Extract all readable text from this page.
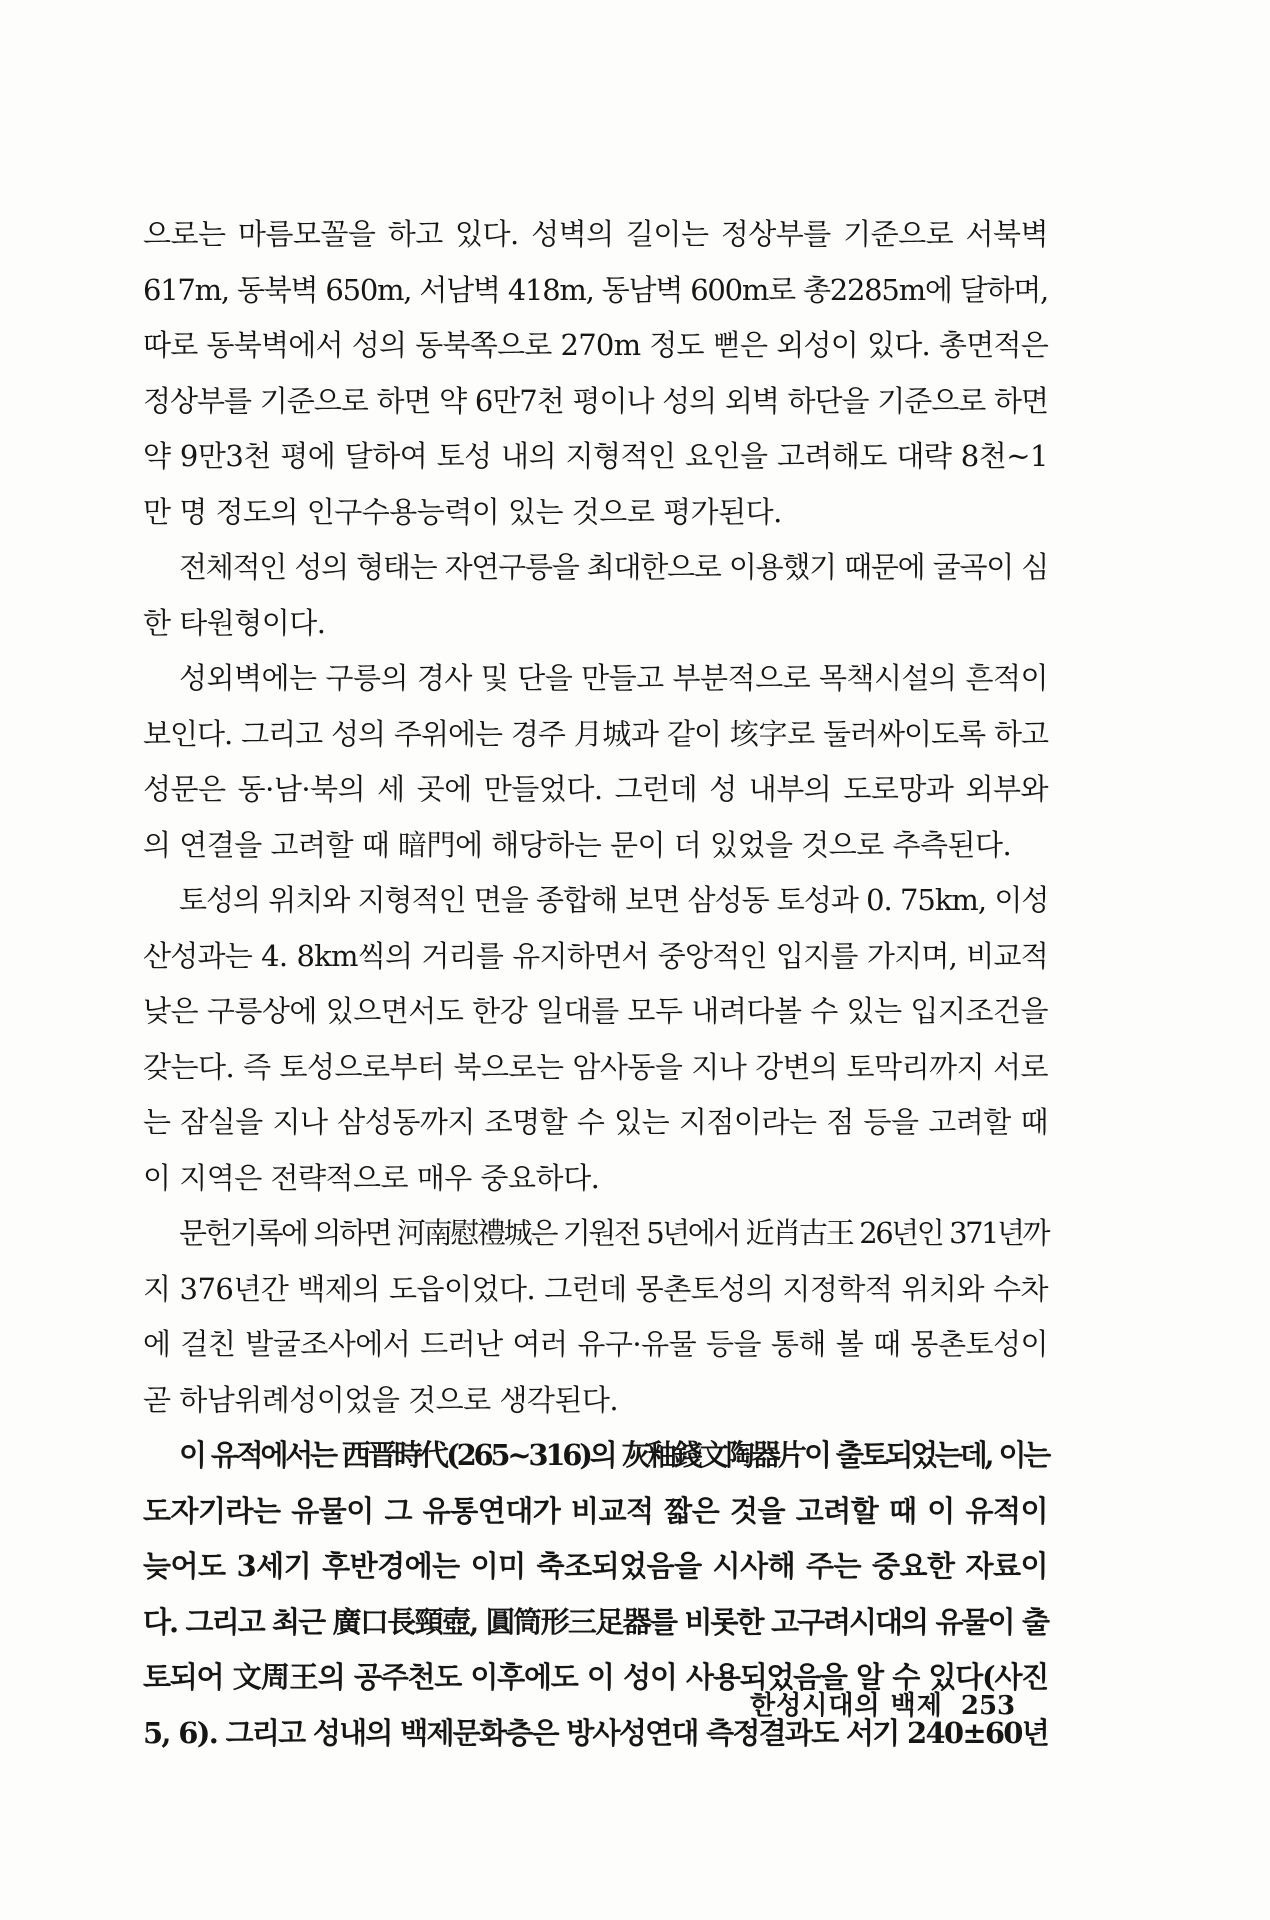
으로는 마름모꼴을 하고 있다. 성벽의 길이는 정상부를 기준으로 서북벽
617m, 동북벽 650m, 서남벽 418m, 동남벽 600m로 총2285m에 달하며,
따로 동북벽에서 성의 동북쪽으로 270m 정도 뻗은 외성이 있다. 총면적은
정상부를 기준으로 하면 약 6만7천 평이나 성의 외벽 하단을 기준으로 하면
약 9만3천 평에 달하여 토성 내의 지형적인 요인을 고려해도 대략 8천~1
만 명 정도의 인구수용능력이 있는 것으로 평가된다.
전체적인 성의 형태는 자연구릉을 최대한으로 이용했기 때문에 굴곡이 심
한 타원형이다.
성외벽에는 구릉의 경사 및 단을 만들고 부분적으로 목책시설의 흔적이
보인다. 그리고 성의 주위에는 경주 月城과 같이 垓字로 둘러싸이도록 하고
성문은 동·남·북의 세 곳에 만들었다. 그런데 성 내부의 도로망과 외부와
의 연결을 고려할 때 暗門에 해당하는 문이 더 있었을 것으로 추측된다.
토성의 위치와 지형적인 면을 종합해 보면 삼성동 토성과 0. 75km, 이성
산성과는 4. 8km씩의 거리를 유지하면서 중앙적인 입지를 가지며, 비교적
낮은 구릉상에 있으면서도 한강 일대를 모두 내려다볼 수 있는 입지조건을
갖는다. 즉 토성으로부터 북으로는 암사동을 지나 강변의 토막리까지 서로
는 잠실을 지나 삼성동까지 조명할 수 있는 지점이라는 점 등을 고려할 때
이 지역은 전략적으로 매우 중요하다.
문헌기록에 의하면 河南慰禮城은 기원전 5년에서 近肖古王 26년인 371년까
지 376년간 백제의 도읍이었다. 그런데 몽촌토성의 지정학적 위치와 수차
에 걸친 발굴조사에서 드러난 여러 유구·유물 등을 통해 볼 때 몽촌토성이
곧 하남위례성이었을 것으로 생각된다.
이 유적에서는 西晋時代(265~316)의 灰釉錢文陶器片이 출토되었는데, 이는
도자기라는 유물이 그 유통연대가 비교적 짧은 것을 고려할 때 이 유적이
늦어도 3세기 후반경에는 이미 축조되었음을 시사해 주는 중요한 자료이
다. 그리고 최근 廣口長頸壺, 圓筒形三足器를 비롯한 고구려시대의 유물이 출
토되어 文周王의 공주천도 이후에도 이 성이 사용되었음을 알 수 있다(사진
5, 6). 그리고 성내의 백제문화층은 방사성연대 측정결과도 서기 240±60년
한성시대의 백제 253
